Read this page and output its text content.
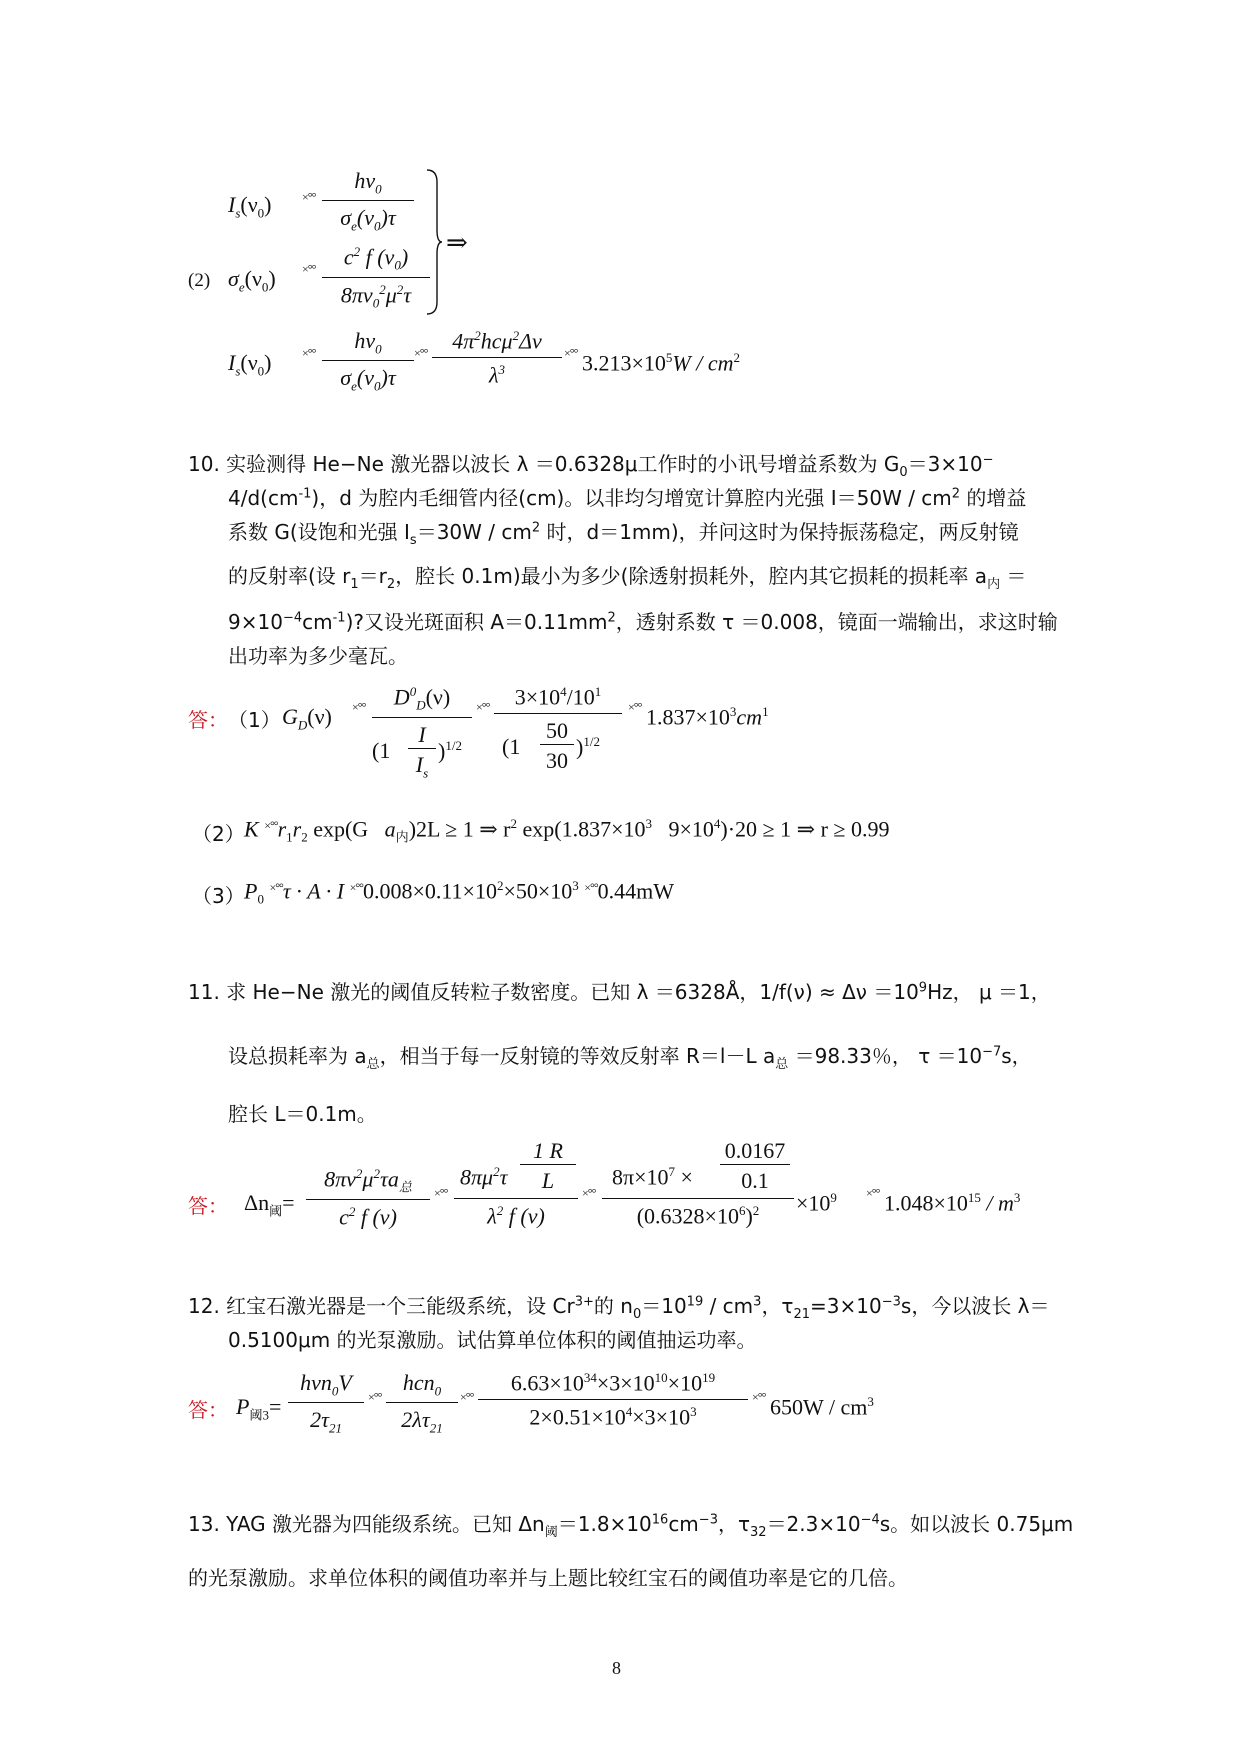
$I_s(\nu_0)$	×°° $\frac{h\nu_0}{\sigma_e(\nu_0)\tau}$
(2) $\sigma_e(\nu_0)$ ×°° $\frac{c^2 f (\nu_0)}{8\pi\nu_0^2\mu^2\tau}$
⇒
$I_s(\nu_0)$	×°° $\frac{h\nu_0}{\sigma_e(\nu_0)\tau}$ ×°°	$4\pi^2hc\mu^2\Delta\nu$
$\lambda^3$
×°° $3.213\times 10^5W / cm^2$
10. 实验测得 He−Ne 激光器以波长 λ ＝0.6328μ工作时的小讯号增益系数为 $G_0=3\times 10^-$
$4/d(cm^{-1})$，d 为腔内毛细管内径(cm)。以非均匀增宽计算腔内光强 $I=50W / cm^2$ 的增益
系数 G(设饱和光强 $I_s=30W / cm^2$ 时，d＝1mm)，并问这时为保持振荡稳定，两反射镜
的反射率(设 $r_1=r_2$，腔长 0.1m)最小为多少(除透射损耗外，腔内其它损耗的损耗率 $a_内$ ＝
$9\times 10^{-4}cm^{-1}$)?又设光斑面积 $A=0.11mm^2$，透射系数 τ ＝0.008，镜面一端输出，求这时输
出功率为多少毫瓦。
答： （1） $G_D(\nu)$ ×°°	$D^0_D(\nu)$
(1
I
$I_s$
)$^{1/2}$
×°°	$3\times 10^4/10^1$
(1
50
30
)$^{1/2}$
×°° $1.837\times 10^3cm^1$
（2） K $^{\times^\circ^\circ}r_1r_2$ exp(G $a_内)2L \ge 1$ ⇒ $r^2$ $\exp(1.837\times 10^3$ $9\times 10^4)\cdot 20 \ge 1$ ⇒ r ≥ 0.99
（3） $P_0$ ×°°τ · A · I $^{\times^\circ^\circ}0.008\times 0.11\times 10^2\times 50\times 10^3$ ×°°0.44mW
11. 求 He−Ne 激光的阈值反转粒子数密度。已知 λ ＝6328Å，$1/f(\nu) \approx \Delta\nu =10^9Hz$， μ ＝1，
设总损耗率为 $a_总$，相当于每一反射镜的等效反射率 R＝l－L $a_总 =98.33$％， $\tau =10^{-7}s$，
腔长 L＝0.1m。
答： $\Delta n_阈=$
$8\pi\nu^2\mu^2\tau a_总$
$c^2$ f (ν)
×°°
$8\pi\mu^2\tau$
1 R
L
$\lambda^2$ f (ν)
×°°
$8\pi\times 10^7$ ×
0.0167
0.1
$(0.6328\times 10^6)^2$	$\times 10^9$ ×°° $1.048\times 10^{15} / m^3$
12. 红宝石激光器是一个三能级系统，设 $Cr^{3+}$的 $n_0=10^{19} / cm^3$，$\tau_{21}=3\times 10^{-3}s$，今以波长 λ＝
0.5100μm 的光泵激励。试估算单位体积的阈值抽运功率。
答： $P_{阈3}=$
hνn$_0$V
$2\tau_{21}$
×°°
hcn$_0$
$2\lambda\tau_{21}$
×°° $\frac{6.63\times 10^{34}\times 3\times 10^{10}\times 10^{19}}{2\times 0.51\times 10^4\times 3\times 10^3}$ ×°° $650W / cm^3$
13. YAG 激光器为四能级系统。已知 $\Delta n_阈=1.8\times 10^{16}cm^{-3}$，$\tau_{32}=2.3\times 10^{-4}s$。如以波长 0.75μm
的光泵激励。求单位体积的阈值功率并与上题比较红宝石的阈值功率是它的几倍。
8
